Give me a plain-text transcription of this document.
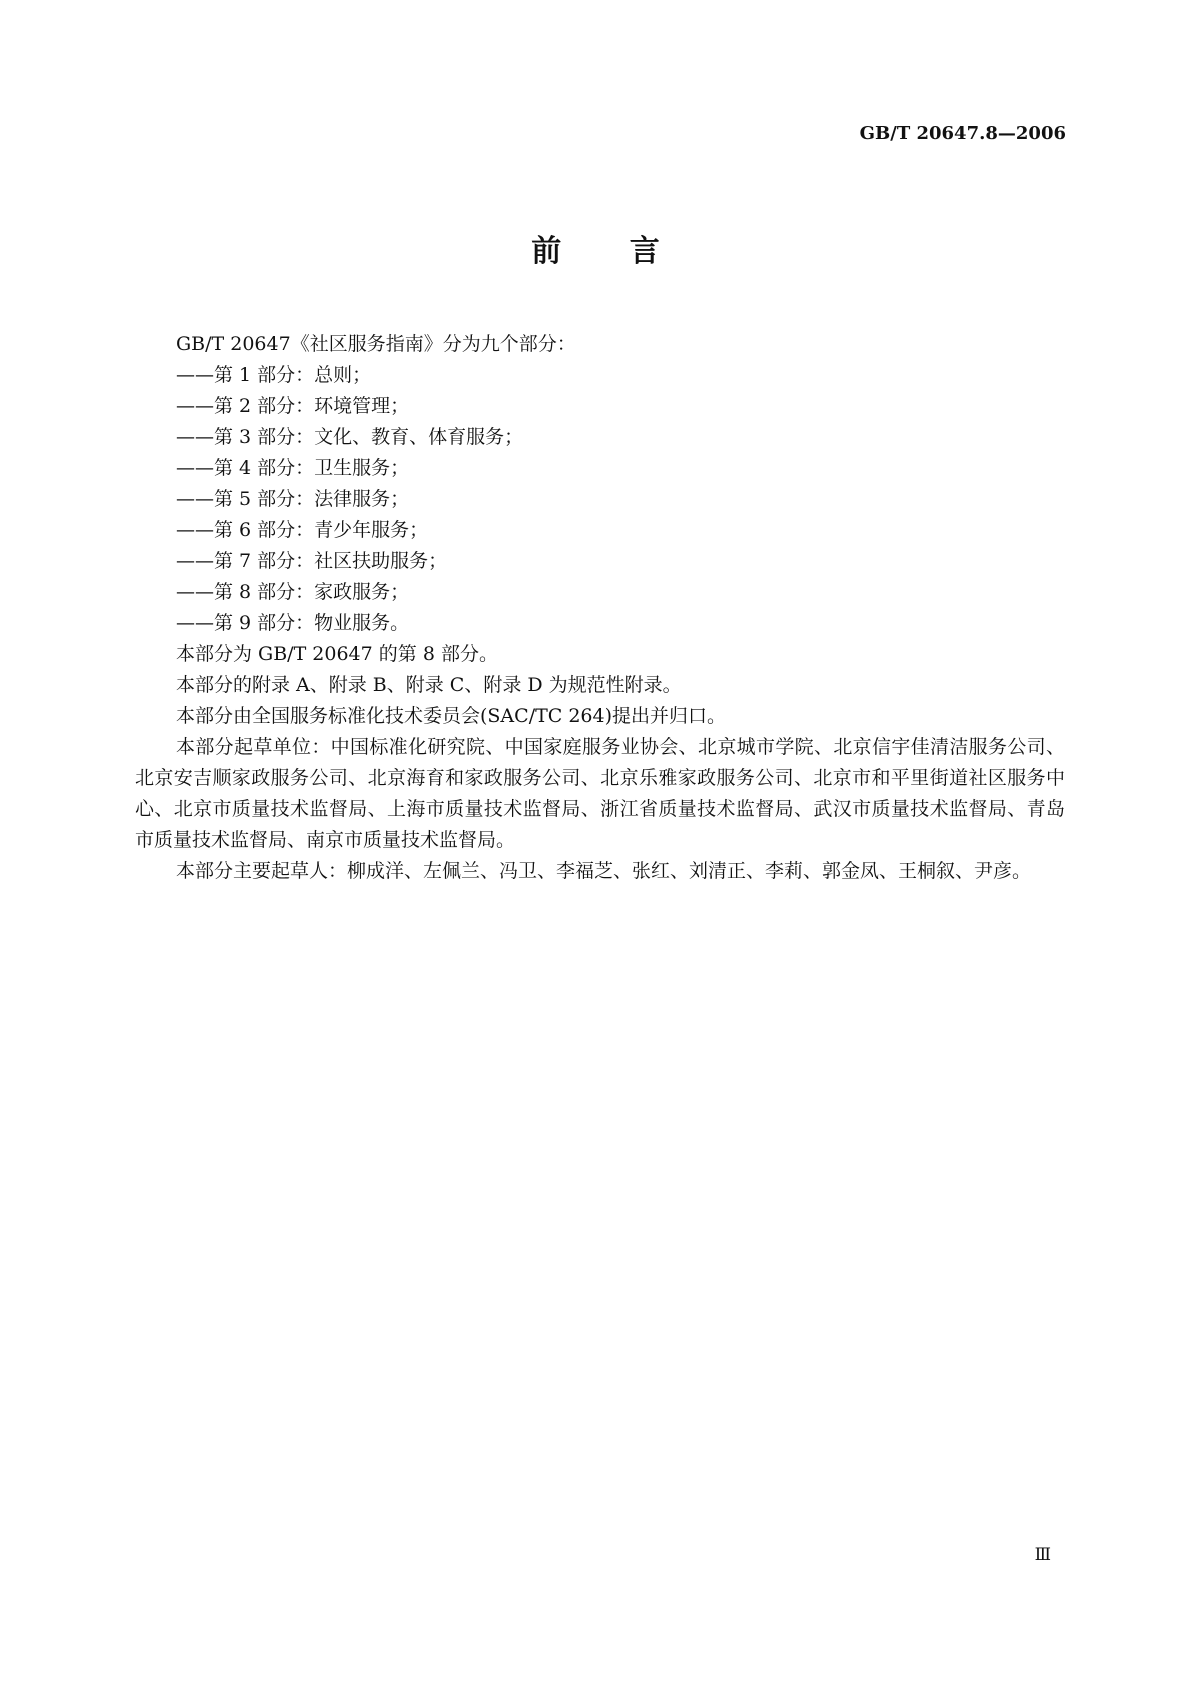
GB/T 20647.8—2006
前 言

GB/T 20647《社区服务指南》分为九个部分：

——第 1 部分：总则；
——第 2 部分：环境管理；
——第 3 部分：文化、教育、体育服务；
——第 4 部分：卫生服务；
——第 5 部分：法律服务；
——第 6 部分：青少年服务；
——第 7 部分：社区扶助服务；
——第 8 部分：家政服务；
——第 9 部分：物业服务。

本部分为 GB/T 20647 的第 8 部分。

本部分的附录 A、附录 B、附录 C、附录 D 为规范性附录。

本部分由全国服务标准化技术委员会(SAC/TC 264)提出并归口。

本部分起草单位：中国标准化研究院、中国家庭服务业协会、北京城市学院、北京信宇佳清洁服务公司、北京安吉顺家政服务公司、北京海育和家政服务公司、北京乐雅家政服务公司、北京市和平里街道社区服务中心、北京市质量技术监督局、上海市质量技术监督局、浙江省质量技术监督局、武汉市质量技术监督局、青岛市质量技术监督局、南京市质量技术监督局。

本部分主要起草人：柳成洋、左佩兰、冯卫、李福芝、张红、刘清正、李莉、郭金凤、王桐叙、尹彦。

Ⅲ
